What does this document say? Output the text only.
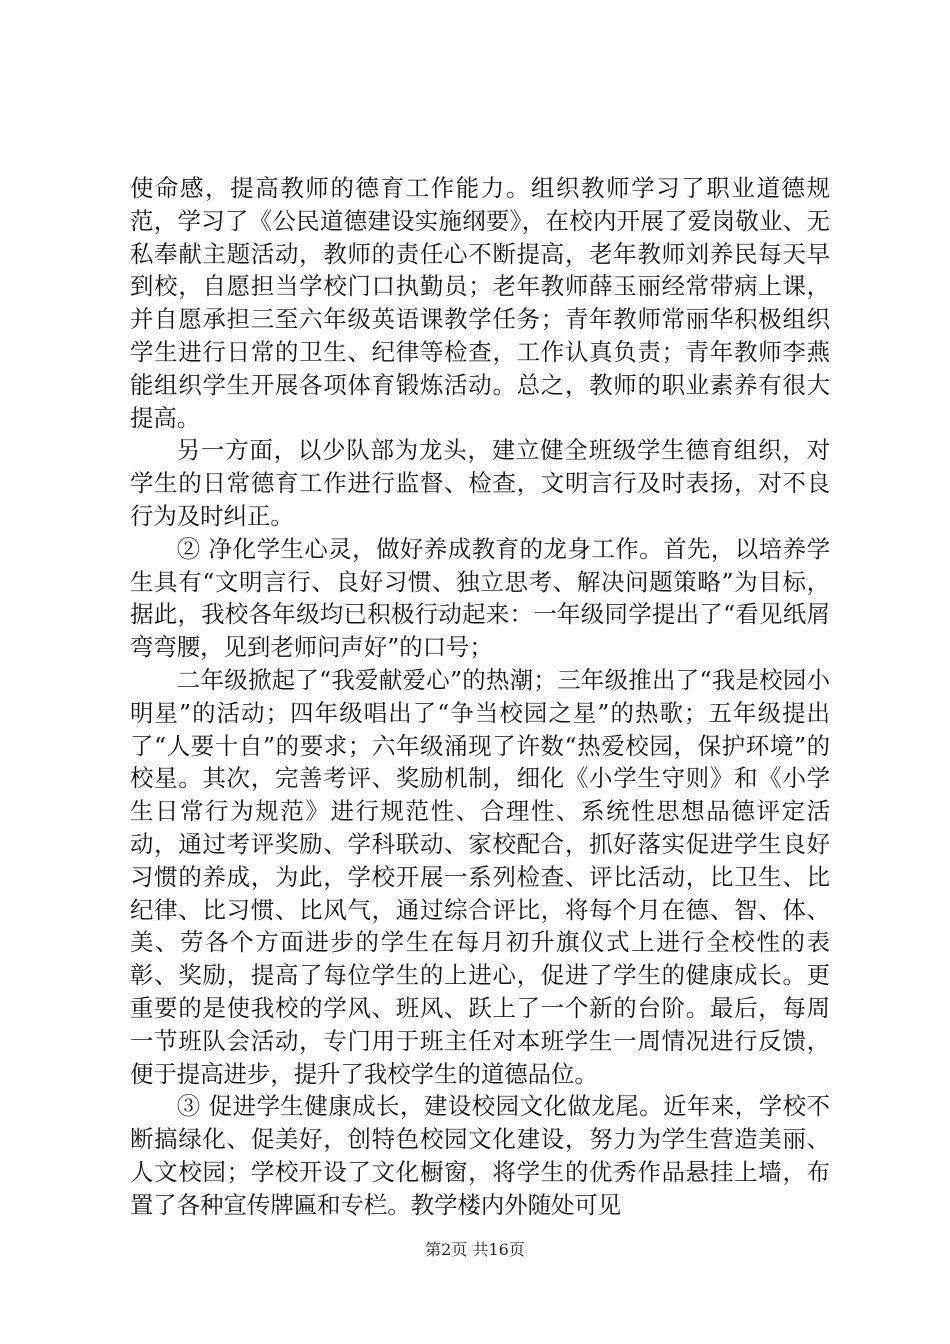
使命感，提高教师的德育工作能力。组织教师学习了职业道德规范，学习了《公民道德建设实施纲要》，在校内开展了爱岗敬业、无私奉献主题活动，教师的责任心不断提高，老年教师刘养民每天早到校，自愿担当学校门口执勤员；老年教师薛玉丽经常带病上课，并自愿承担三至六年级英语课教学任务；青年教师常丽华积极组织学生进行日常的卫生、纪律等检查，工作认真负责；青年教师李燕能组织学生开展各项体育锻炼活动。总之，教师的职业素养有很大提高。

另一方面，以少队部为龙头，建立健全班级学生德育组织，对学生的日常德育工作进行监督、检查，文明言行及时表扬，对不良行为及时纠正。

② 净化学生心灵，做好养成教育的龙身工作。首先，以培养学生具有“文明言行、良好习惯、独立思考、解决问题策略”为目标，据此，我校各年级均已积极行动起来：一年级同学提出了“看见纸屑弯弯腰，见到老师问声好”的口号；

二年级掀起了“我爱献爱心”的热潮；三年级推出了“我是校园小明星”的活动；四年级唱出了“争当校园之星”的热歌；五年级提出了“人要十自”的要求；六年级涌现了许数“热爱校园，保护环境”的校星。其次，完善考评、奖励机制，细化《小学生守则》和《小学生日常行为规范》进行规范性、合理性、系统性思想品德评定活动，通过考评奖励、学科联动、家校配合，抓好落实促进学生良好习惯的养成，为此，学校开展一系列检查、评比活动，比卫生、比纪律、比习惯、比风气，通过综合评比，将每个月在德、智、体、美、劳各个方面进步的学生在每月初升旗仪式上进行全校性的表彰、奖励，提高了每位学生的上进心，促进了学生的健康成长。更重要的是使我校的学风、班风、跃上了一个新的台阶。最后，每周一节班队会活动，专门用于班主任对本班学生一周情况进行反馈，便于提高进步，提升了我校学生的道德品位。

③ 促进学生健康成长，建设校园文化做龙尾。近年来，学校不断搞绿化、促美好，创特色校园文化建设，努力为学生营造美丽、人文校园；学校开设了文化橱窗，将学生的优秀作品悬挂上墙，布置了各种宣传牌匾和专栏。教学楼内外随处可见

第2页 共16页
